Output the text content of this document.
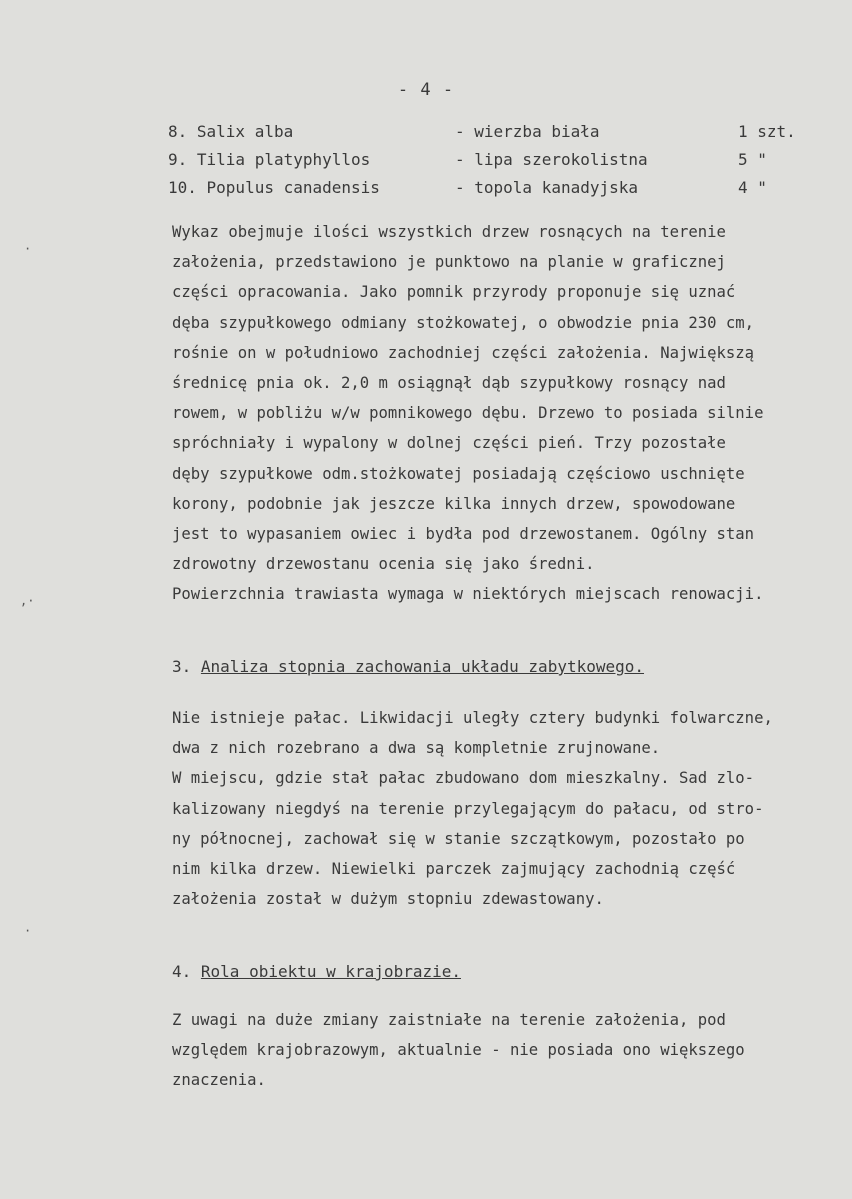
- 4 -
8. Salix alba	- wierzba biała	1 szt.
9. Tilia platyphyllos	- lipa szerokolistna	5 "
10. Populus canadensis	- topola kanadyjska	4 "
Wykaz obejmuje ilości wszystkich drzew rosnących na terenie
założenia, przedstawiono je punktowo na planie w graficznej
części opracowania. Jako pomnik przyrody proponuje się uznać
dęba szypułkowego odmiany stożkowatej, o obwodzie pnia 230 cm,
rośnie on w południowo zachodniej części założenia. Największą
średnicę pnia ok. 2,0 m osiągnął dąb szypułkowy rosnący nad
rowem, w pobliżu w/w pomnikowego dębu. Drzewo to posiada silnie
spróchniały i wypalony w dolnej części pień. Trzy pozostałe
dęby szypułkowe odm.stożkowatej posiadają częściowo uschnięte
korony, podobnie jak jeszcze kilka innych drzew, spowodowane
jest to wypasaniem owiec i bydła pod drzewostanem. Ogólny stan
zdrowotny drzewostanu ocenia się jako średni.
Powierzchnia trawiasta wymaga w niektórych miejscach renowacji.
3. Analiza stopnia zachowania układu zabytkowego.
Nie istnieje pałac. Likwidacji uległy cztery budynki folwarczne,
dwa z nich rozebrano a dwa są kompletnie zrujnowane.
W miejscu, gdzie stał pałac zbudowano dom mieszkalny. Sad zlo-
kalizowany niegdyś na terenie przylegającym do pałacu, od stro-
ny północnej, zachował się w stanie szczątkowym, pozostało po
nim kilka drzew. Niewielki parczek zajmujący zachodnią część
założenia został w dużym stopniu zdewastowany.
4. Rola obiektu w krajobrazie.
Z uwagi na duże zmiany zaistniałe na terenie założenia, pod
względem krajobrazowym, aktualnie - nie posiada ono większego
znaczenia.
,·
·
·
